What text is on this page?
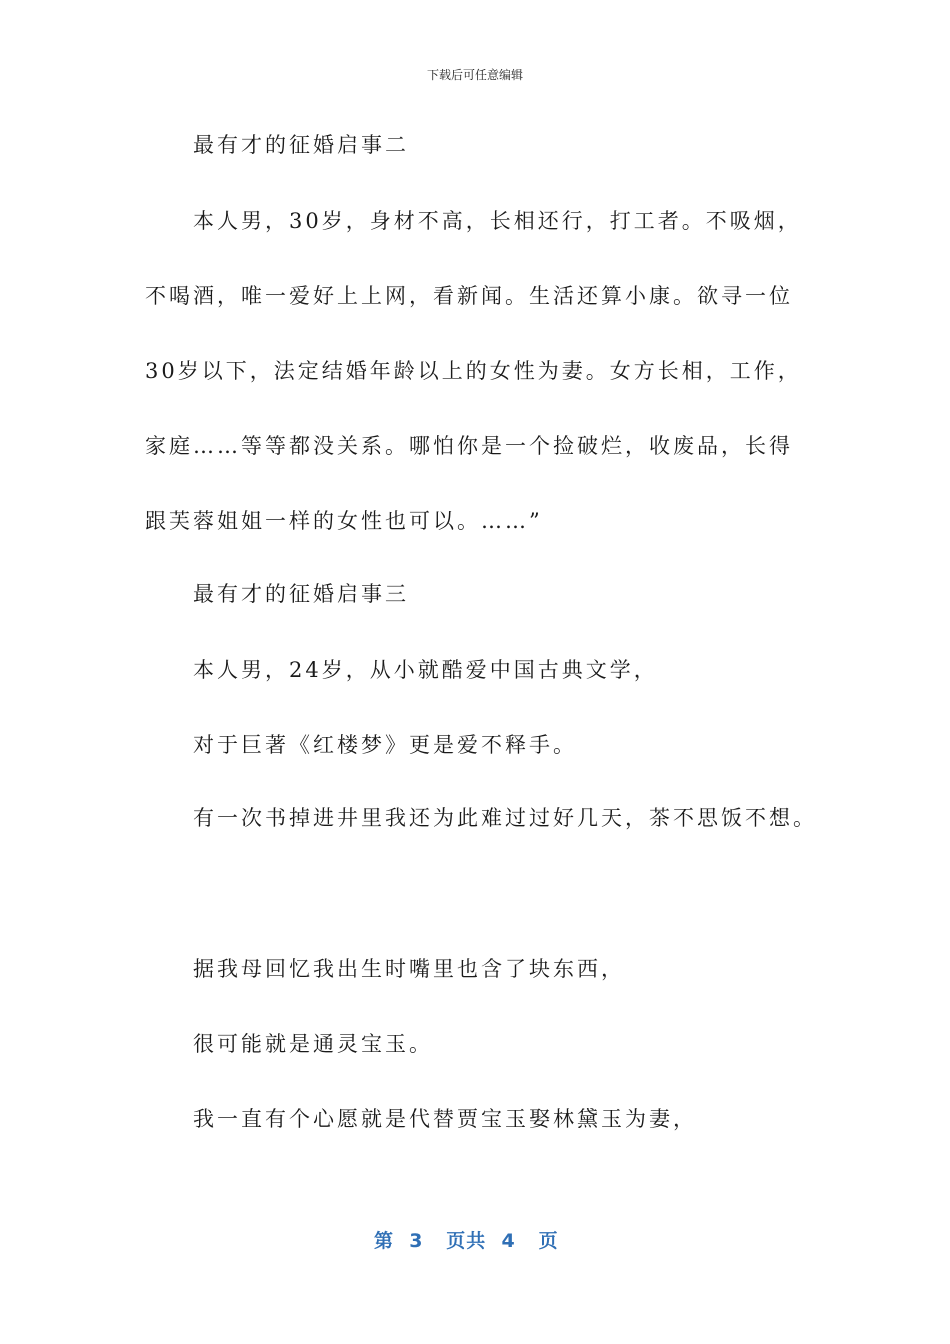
下载后可任意编辑
最有才的征婚启事二
本人男，30岁，身材不高，长相还行，打工者。不吸烟，
不喝酒，唯一爱好上上网，看新闻。生活还算小康。欲寻一位
30岁以下，法定结婚年龄以上的女性为妻。女方长相，工作，
家庭……等等都没关系。哪怕你是一个捡破烂，收废品，长得
跟芙蓉姐姐一样的女性也可以。……”
最有才的征婚启事三
本人男，24岁，从小就酷爱中国古典文学，
对于巨著《红楼梦》更是爱不释手。
有一次书掉进井里我还为此难过过好几天，茶不思饭不想。
据我母回忆我出生时嘴里也含了块东西，
很可能就是通灵宝玉。
我一直有个心愿就是代替贾宝玉娶林黛玉为妻，
第  3   页共  4   页
